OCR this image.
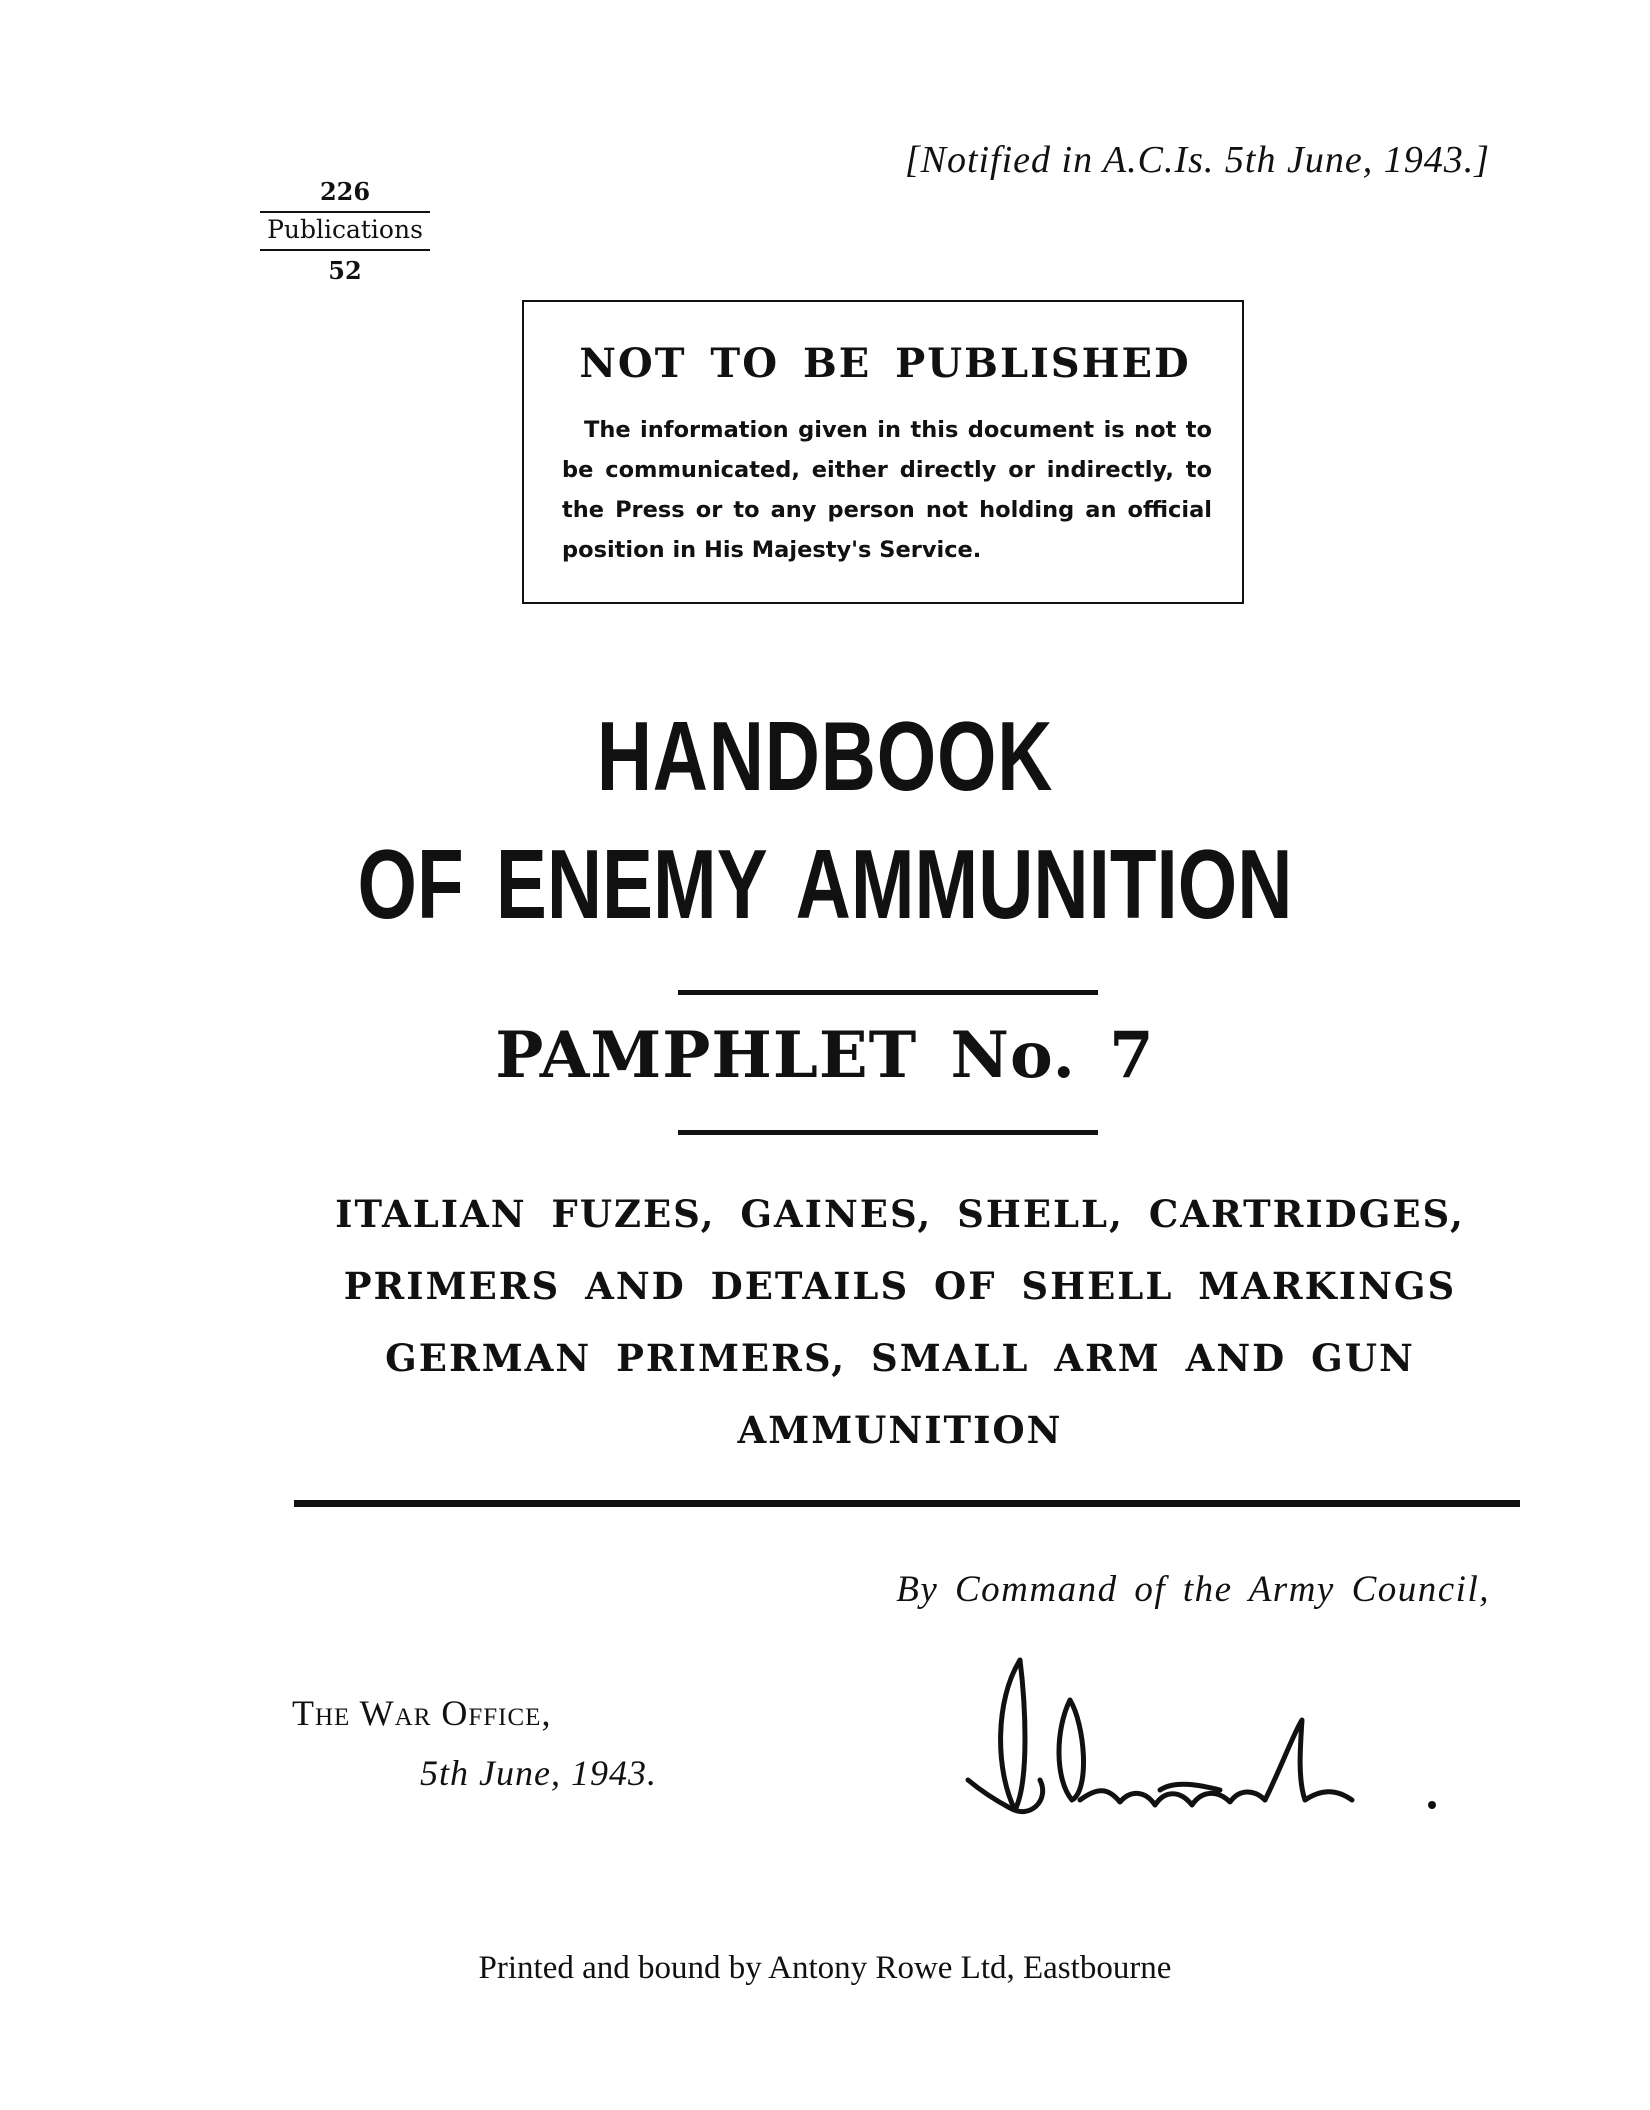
[Notified in A.C.Is. 5th June, 1943.]
226
Publications
52
NOT TO BE PUBLISHED
The information given in this document is not to be communicated, either directly or indirectly, to the Press or to any person not holding an official position in His Majesty's Service.
HANDBOOK
OF ENEMY AMMUNITION
PAMPHLET No. 7
ITALIAN FUZES, GAINES, SHELL, CARTRIDGES,
PRIMERS AND DETAILS OF SHELL MARKINGS
GERMAN PRIMERS, SMALL ARM AND GUN
AMMUNITION
By Command of the Army Council,
The War Office,
5th June, 1943.
Printed and bound by Antony Rowe Ltd, Eastbourne
